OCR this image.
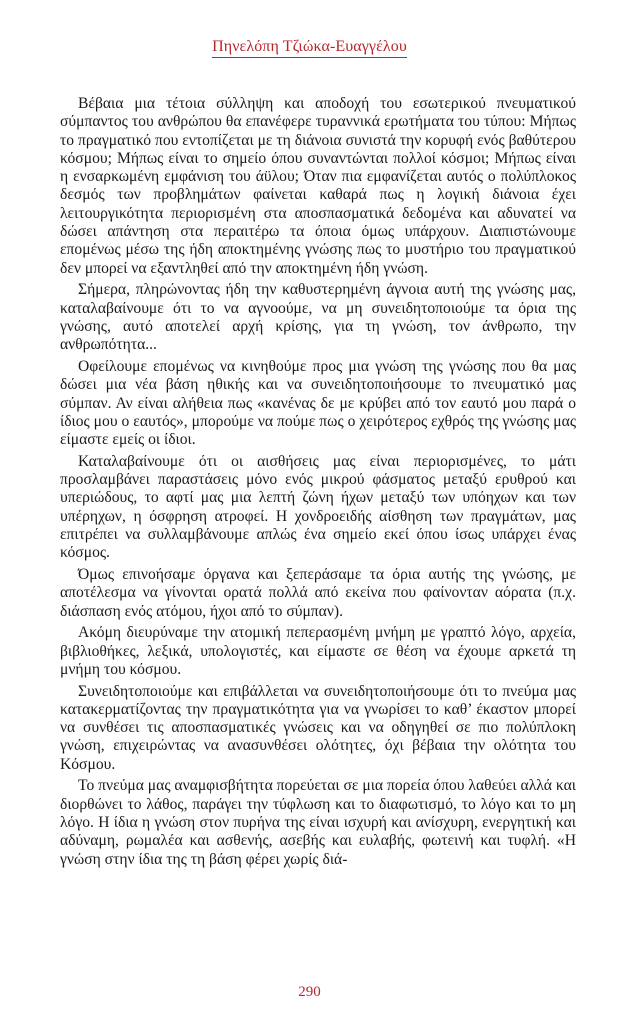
Πηνελόπη Τζιώκα-Ευαγγέλου

Βέβαια μια τέτοια σύλληψη και αποδοχή του εσωτερικού πνευματικού σύμπαντος του ανθρώπου θα επανέφερε τυραννικά ερωτήματα του τύπου: Μήπως το πραγματικό που εντοπίζεται με τη διάνοια συνιστά την κορυφή ενός βαθύτερου κόσμου; Μήπως είναι το σημείο όπου συναντώνται πολλοί κόσμοι; Μήπως είναι η ενσαρκωμένη εμφάνιση του άϋλου; Όταν πια εμφανίζεται αυτός ο πολύπλοκος δεσμός των προβλημάτων φαίνεται καθαρά πως η λογική διάνοια έχει λειτουργικότητα περιορισμένη στα αποσπασματικά δεδομένα και αδυνατεί να δώσει απάντηση στα περαιτέρω τα όποια όμως υπάρχουν. Διαπιστώνουμε επομένως μέσω της ήδη αποκτημένης γνώσης πως το μυστήριο του πραγματικού δεν μπορεί να εξαντληθεί από την αποκτημένη ήδη γνώση.

Σήμερα, πληρώνοντας ήδη την καθυστερημένη άγνοια αυτή της γνώσης μας, καταλαβαίνουμε ότι το να αγνοούμε, να μη συνειδητοποιούμε τα όρια της γνώσης, αυτό αποτελεί αρχή κρίσης, για τη γνώση, τον άνθρωπο, την ανθρωπότητα...

Οφείλουμε επομένως να κινηθούμε προς μια γνώση της γνώσης που θα μας δώσει μια νέα βάση ηθικής και να συνειδητοποιήσουμε το πνευματικό μας σύμπαν. Αν είναι αλήθεια πως «κανένας δε με κρύβει από τον εαυτό μου παρά ο ίδιος μου ο εαυτός», μπορούμε να πούμε πως ο χειρότερος εχθρός της γνώσης μας είμαστε εμείς οι ίδιοι.

Καταλαβαίνουμε ότι οι αισθήσεις μας είναι περιορισμένες, το μάτι προσλαμβάνει παραστάσεις μόνο ενός μικρού φάσματος μεταξύ ερυθρού και υπεριώδους, το αφτί μας μια λεπτή ζώνη ήχων μεταξύ των υπόηχων και των υπέρηχων, η όσφρηση ατροφεί. Η χονδροειδής αίσθηση των πραγμάτων, μας επιτρέπει να συλλαμβάνουμε απλώς ένα σημείο εκεί όπου ίσως υπάρχει ένας κόσμος.

Όμως επινοήσαμε όργανα και ξεπεράσαμε τα όρια αυτής της γνώσης, με αποτέλεσμα να γίνονται ορατά πολλά από εκείνα που φαίνονταν αόρατα (π.χ. διάσπαση ενός ατόμου, ήχοι από το σύμπαν).

Ακόμη διευρύναμε την ατομική πεπερασμένη μνήμη με γραπτό λόγο, αρχεία, βιβλιοθήκες, λεξικά, υπολογιστές, και είμαστε σε θέση να έχουμε αρκετά τη μνήμη του κόσμου.

Συνειδητοποιούμε και επιβάλλεται να συνειδητοποιήσουμε ότι το πνεύμα μας κατακερματίζοντας την πραγματικότητα για να γνωρίσει το καθ’ έκαστον μπορεί να συνθέσει τις αποσπασματικές γνώσεις και να οδηγηθεί σε πιο πολύπλοκη γνώση, επιχειρώντας να ανασυνθέσει ολότητες, όχι βέβαια την ολότητα του Κόσμου.

Το πνεύμα μας αναμφισβήτητα πορεύεται σε μια πορεία όπου λαθεύει αλλά και διορθώνει το λάθος, παράγει την τύφλωση και το διαφωτισμό, το λόγο και το μη λόγο. Η ίδια η γνώση στον πυρήνα της είναι ισχυρή και ανίσχυρη, ενεργητική και αδύναμη, ρωμαλέα και ασθενής, ασεβής και ευλαβής, φωτεινή και τυφλή. «Η γνώση στην ίδια της τη βάση φέρει χωρίς διά-

290
